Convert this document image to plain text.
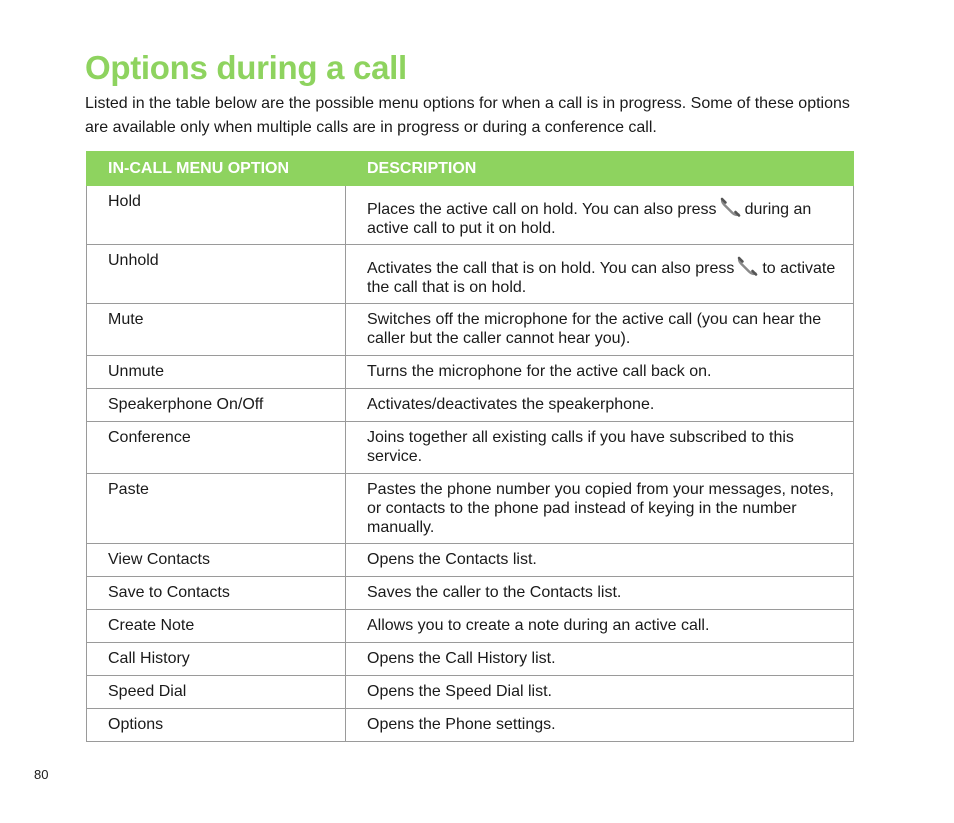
Options during a call

Listed in the table below are the possible menu options for when a call is in progress. Some of these options are available only when multiple calls are in progress or during a conference call.

IN-CALL MENU OPTION	DESCRIPTION
Hold	Places the active call on hold. You can also press during an active call to put it on hold.
Unhold	Activates the call that is on hold. You can also press to activate the call that is on hold.
Mute	Switches off the microphone for the active call (you can hear the caller but the caller cannot hear you).
Unmute	Turns the microphone for the active call back on.
Speakerphone On/Off	Activates/deactivates the speakerphone.
Conference	Joins together all existing calls if you have subscribed to this service.
Paste	Pastes the phone number you copied from your messages, notes, or contacts to the phone pad instead of keying in the number manually.
View Contacts	Opens the Contacts list.
Save to Contacts	Saves the caller to the Contacts list.
Create Note	Allows you to create a note during an active call.
Call History	Opens the Call History list.
Speed Dial	Opens the Speed Dial list.
Options	Opens the Phone settings.
80
